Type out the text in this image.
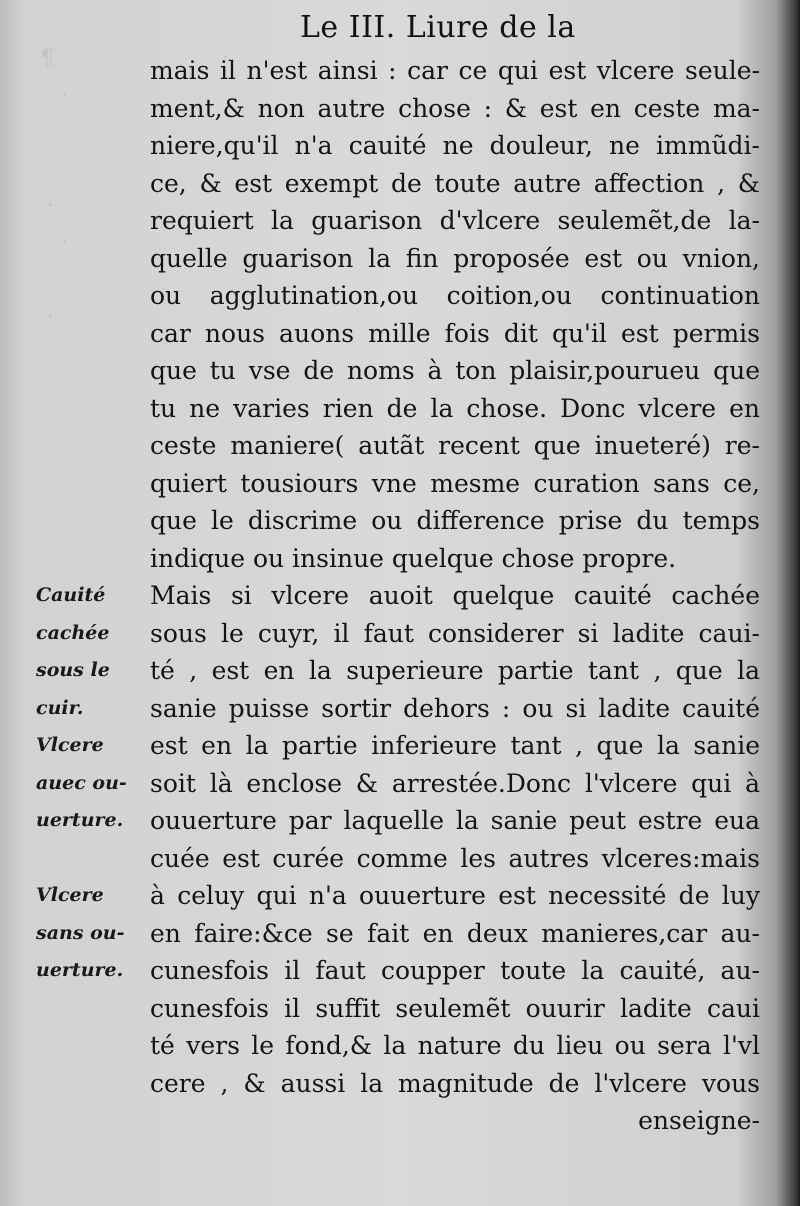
¶                        ·
·

·
·

·
Le III. Liure de la
mais il n'est ainsi : car ce qui est vlcere seule-
ment,& non autre chose : & est en ceste ma-
niere,qu'il n'a cauité ne douleur, ne immũdi-
ce, & est exempt de toute autre affection , &
requiert la guarison d'vlcere seulemẽt,de la-
quelle guarison la fin proposée est ou vnion,
ou agglutination,ou coition,ou continuation
car nous auons mille fois dit qu'il est permis
que tu vse de noms à ton plaisir,pourueu que
tu ne varies rien de la chose. Donc vlcere en
ceste maniere( autãt recent que inueteré) re-
quiert tousiours vne mesme curation sans ce,
que le discrime ou difference prise du temps
indique ou insinue quelque chose propre.
Mais si vlcere auoit quelque cauité cachée
sous le cuyr, il faut considerer si ladite caui-
té , est en la superieure partie tant , que la
sanie puisse sortir dehors : ou si ladite cauité
est en la partie inferieure tant , que la sanie
soit là enclose & arrestée.Donc l'vlcere qui à
ouuerture par laquelle la sanie peut estre eua
cuée est curée comme les autres vlceres:mais
à celuy qui n'a ouuerture est necessité de luy
en faire:&ce se fait en deux manieres,car au-
cunesfois il faut coupper toute la cauité, au-
cunesfois il suffit seulemẽt ouurir ladite caui
té vers le fond,& la nature du lieu ou sera l'vl
cere , & aussi la magnitude de l'vlcere vous
enseigne-
Cauité
cachée
sous le
cuir.
Vlcere
auec ou-
uerture.
Vlcere
sans ou-
uerture.
